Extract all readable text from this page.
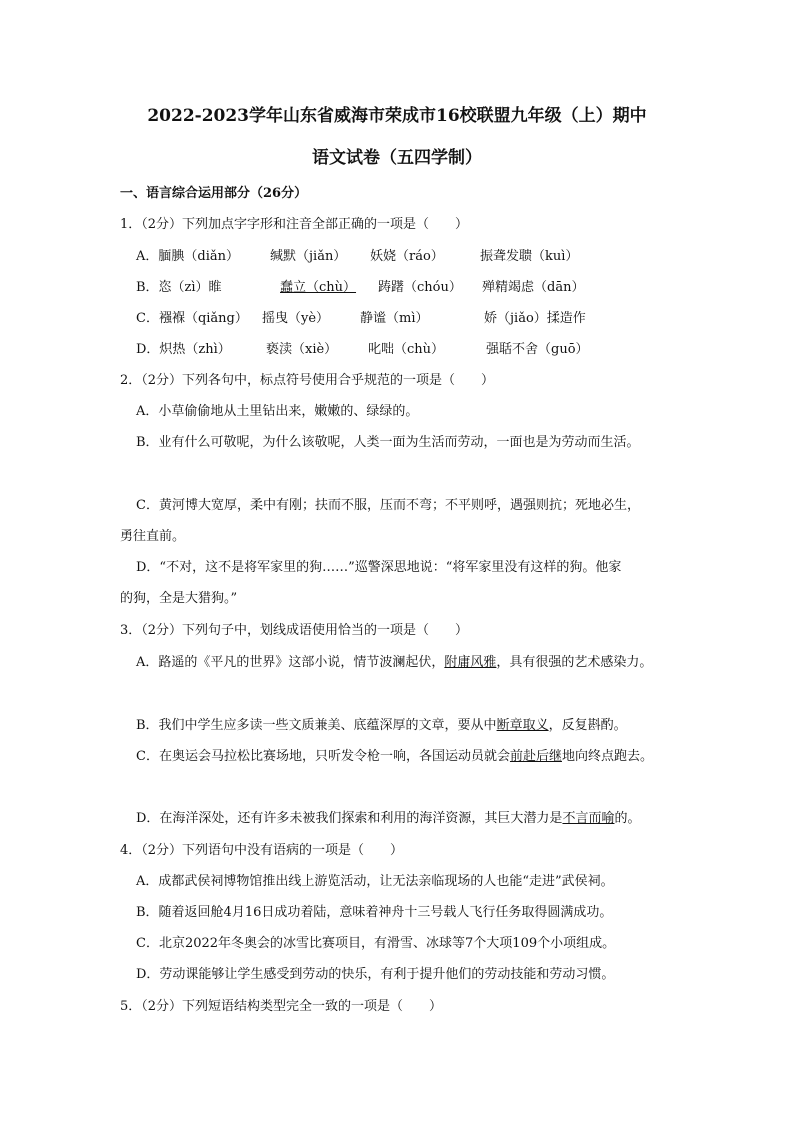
2022-2023学年山东省威海市荣成市16校联盟九年级（上）期中
语文试卷（五四学制）
一、语言综合运用部分（26分）
1．（2分）下列加点字字形和注音全部正确的一项是（　　）
A．腼腆（diǎn） 缄默（jiǎn） 妖娆（ráo）	振聋发聩（kuì）
B．恣（zì）睢	蠢立（chù） 踌躇（chóu） 殚精竭虑（dān）
C．襁褓（qiǎng） 摇曳（yè） 静谧（mì）	娇（jiǎo）揉造作
D．炽热（zhì）	亵渎（xiè） 叱咄（chù）	强聒不舍（guō）
2．（2分）下列各句中，标点符号使用合乎规范的一项是（　　）
A．小草偷偷地从土里钻出来，嫩嫩的、绿绿的。
B．业有什么可敬呢，为什么该敬呢，人类一面为生活而劳动，一面也是为劳动而生活。
C．黄河博大宽厚，柔中有刚；扶而不服，压而不弯；不平则呼，遇强则抗；死地必生，
勇往直前。
D．“不对，这不是将军家里的狗……”巡警深思地说：“将军家里没有这样的狗。他家
的狗，全是大猎狗。”
3．（2分）下列句子中，划线成语使用恰当的一项是（　　）
A．路遥的《平凡的世界》这部小说，情节波澜起伏，附庸风雅，具有很强的艺术感染力。
B．我们中学生应多读一些文质兼美、底蕴深厚的文章，要从中断章取义，反复斟酌。
C．在奥运会马拉松比赛场地，只听发令枪一响，各国运动员就会前赴后继地向终点跑去。
D．在海洋深处，还有许多未被我们探索和利用的海洋资源，其巨大潜力是不言而喻的。
4．（2分）下列语句中没有语病的一项是（　　）
A．成都武侯祠博物馆推出线上游览活动，让无法亲临现场的人也能“走进”武侯祠。
B．随着返回舱4月16日成功着陆，意味着神舟十三号载人飞行任务取得圆满成功。
C．北京2022年冬奥会的冰雪比赛项目，有滑雪、冰球等7个大项109个小项组成。
D．劳动课能够让学生感受到劳动的快乐，有利于提升他们的劳动技能和劳动习惯。
5．（2分）下列短语结构类型完全一致的一项是（　　）
